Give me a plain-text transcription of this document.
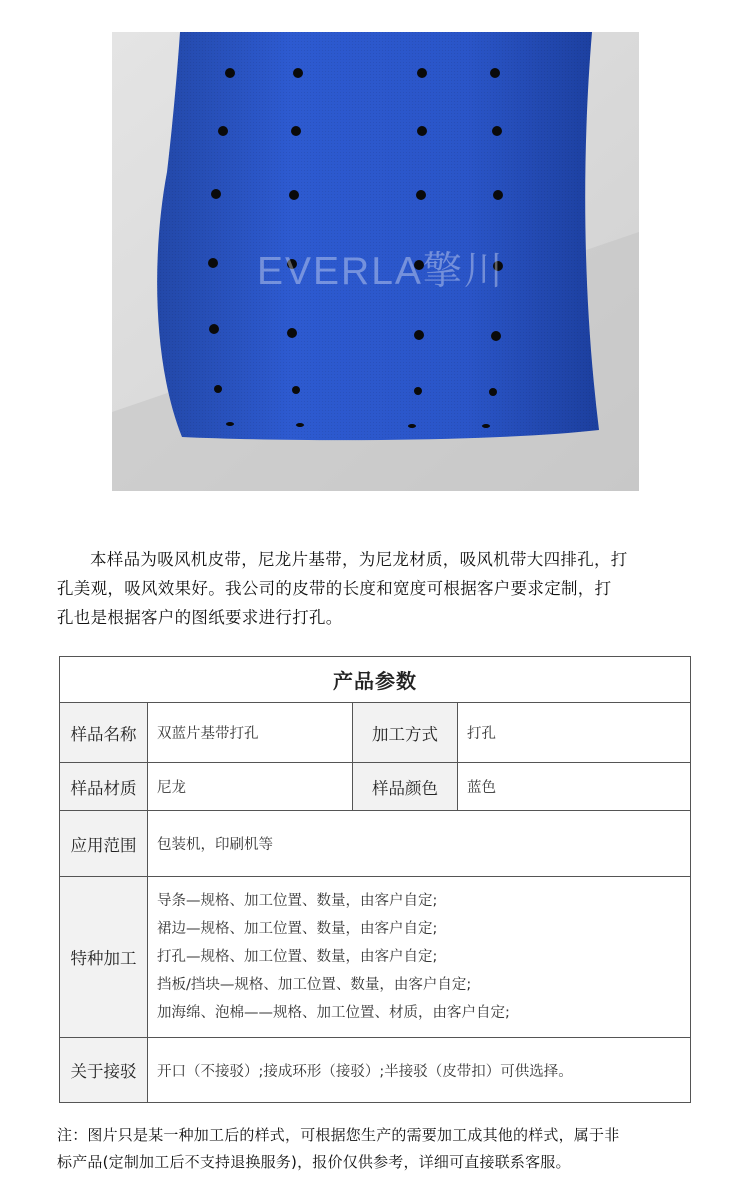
EVERLA擎川
本样品为吸风机皮带，尼龙片基带，为尼龙材质，吸风机带大四排孔，打
孔美观，吸风效果好。我公司的皮带的长度和宽度可根据客户要求定制，打
孔也是根据客户的图纸要求进行打孔。
产品参数			
样品名称	双蓝片基带打孔	加工方式	打孔
样品材质	尼龙	样品颜色	蓝色
应用范围	包装机，印刷机等		
特种加工	导条—规格、加工位置、数量，由客户自定;
裙边—规格、加工位置、数量，由客户自定;
打孔—规格、加工位置、数量，由客户自定;
挡板/挡块—规格、加工位置、数量，由客户自定;
加海绵、泡棉——规格、加工位置、材质，由客户自定;		

关于接驳	开口（不接驳）;接成环形（接驳）;半接驳（皮带扣）可供选择。		
注：图片只是某一种加工后的样式，可根据您生产的需要加工成其他的样式，属于非
标产品(定制加工后不支持退换服务)，报价仅供参考，详细可直接联系客服。
